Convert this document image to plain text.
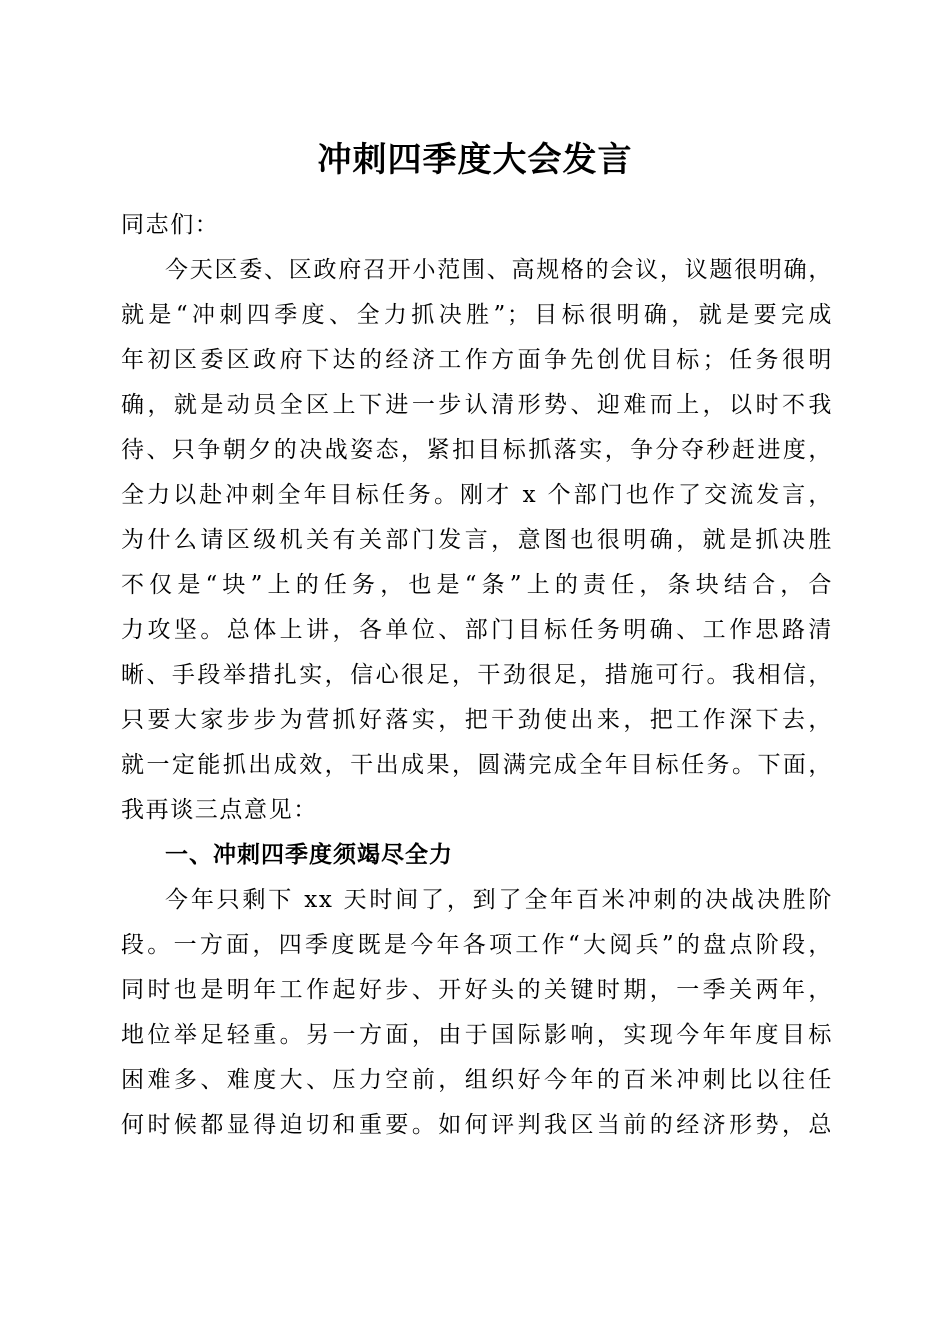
冲刺四季度大会发言
同志们：
今天区委、区政府召开小范围、高规格的会议，议题很明确，
就是“冲刺四季度、全力抓决胜”；目标很明确，就是要完成
年初区委区政府下达的经济工作方面争先创优目标；任务很明
确，就是动员全区上下进一步认清形势、迎难而上，以时不我
待、只争朝夕的决战姿态，紧扣目标抓落实，争分夺秒赶进度，
全力以赴冲刺全年目标任务。刚才 x 个部门也作了交流发言，
为什么请区级机关有关部门发言，意图也很明确，就是抓决胜
不仅是“块”上的任务，也是“条”上的责任，条块结合，合
力攻坚。总体上讲，各单位、部门目标任务明确、工作思路清
晰、手段举措扎实，信心很足，干劲很足，措施可行。我相信，
只要大家步步为营抓好落实，把干劲使出来，把工作深下去，
就一定能抓出成效，干出成果，圆满完成全年目标任务。下面，
我再谈三点意见：
一、冲刺四季度须竭尽全力
今年只剩下 xx 天时间了，到了全年百米冲刺的决战决胜阶
段。一方面，四季度既是今年各项工作“大阅兵”的盘点阶段，
同时也是明年工作起好步、开好头的关键时期，一季关两年，
地位举足轻重。另一方面，由于国际影响，实现今年年度目标
困难多、难度大、压力空前，组织好今年的百米冲刺比以往任
何时候都显得迫切和重要。如何评判我区当前的经济形势，总
